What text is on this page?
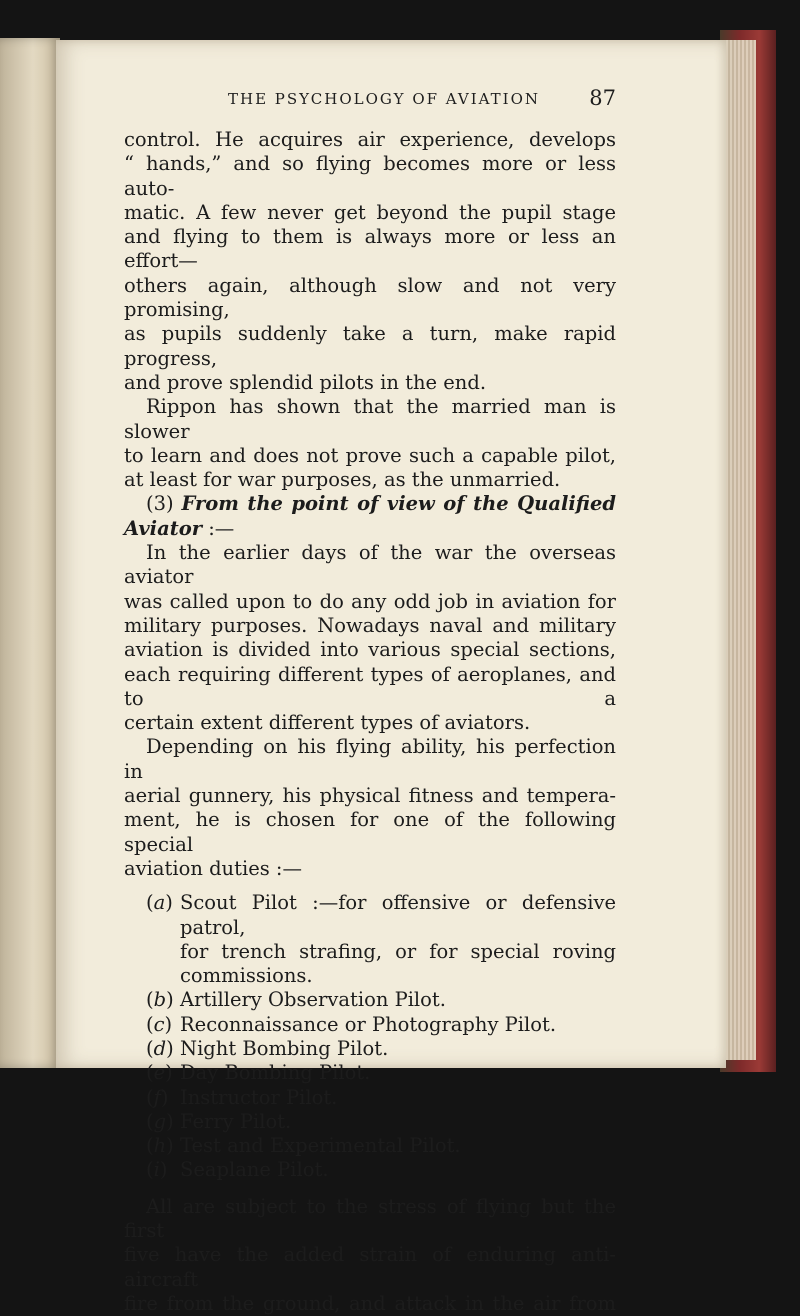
THE PSYCHOLOGY OF AVIATION 87

control. He acquires air experience, develops

“ hands,” and so flying becomes more or less auto-

matic. A few never get beyond the pupil stage

and flying to them is always more or less an effort—

others again, although slow and not very promising,

as pupils suddenly take a turn, make rapid progress,

and prove splendid pilots in the end.

Rippon has shown that the married man is slower

to learn and does not prove such a capable pilot,

at least for war purposes, as the unmarried.

(3) From the point of view of the Qualified Aviator :—

In the earlier days of the war the overseas aviator

was called upon to do any odd job in aviation for

military purposes. Nowadays naval and military

aviation is divided into various special sections,

each requiring different types of aeroplanes, and to a

certain extent different types of aviators.

Depending on his flying ability, his perfection in

aerial gunnery, his physical fitness and tempera-

ment, he is chosen for one of the following special

aviation duties :—

(a) Scout Pilot :—for offensive or defensive patrol,

for trench strafing, or for special roving

commissions.

(b) Artillery Observation Pilot.

(c) Reconnaissance or Photography Pilot.

(d) Night Bombing Pilot.

(e) Day Bombing Pilot.

(f) Instructor Pilot.

(g) Ferry Pilot.

(h) Test and Experimental Pilot.

(i) Seaplane Pilot.

All are subject to the stress of flying but the first

five have the added strain of enduring anti-aircraft

fire from the ground, and attack in the air from
